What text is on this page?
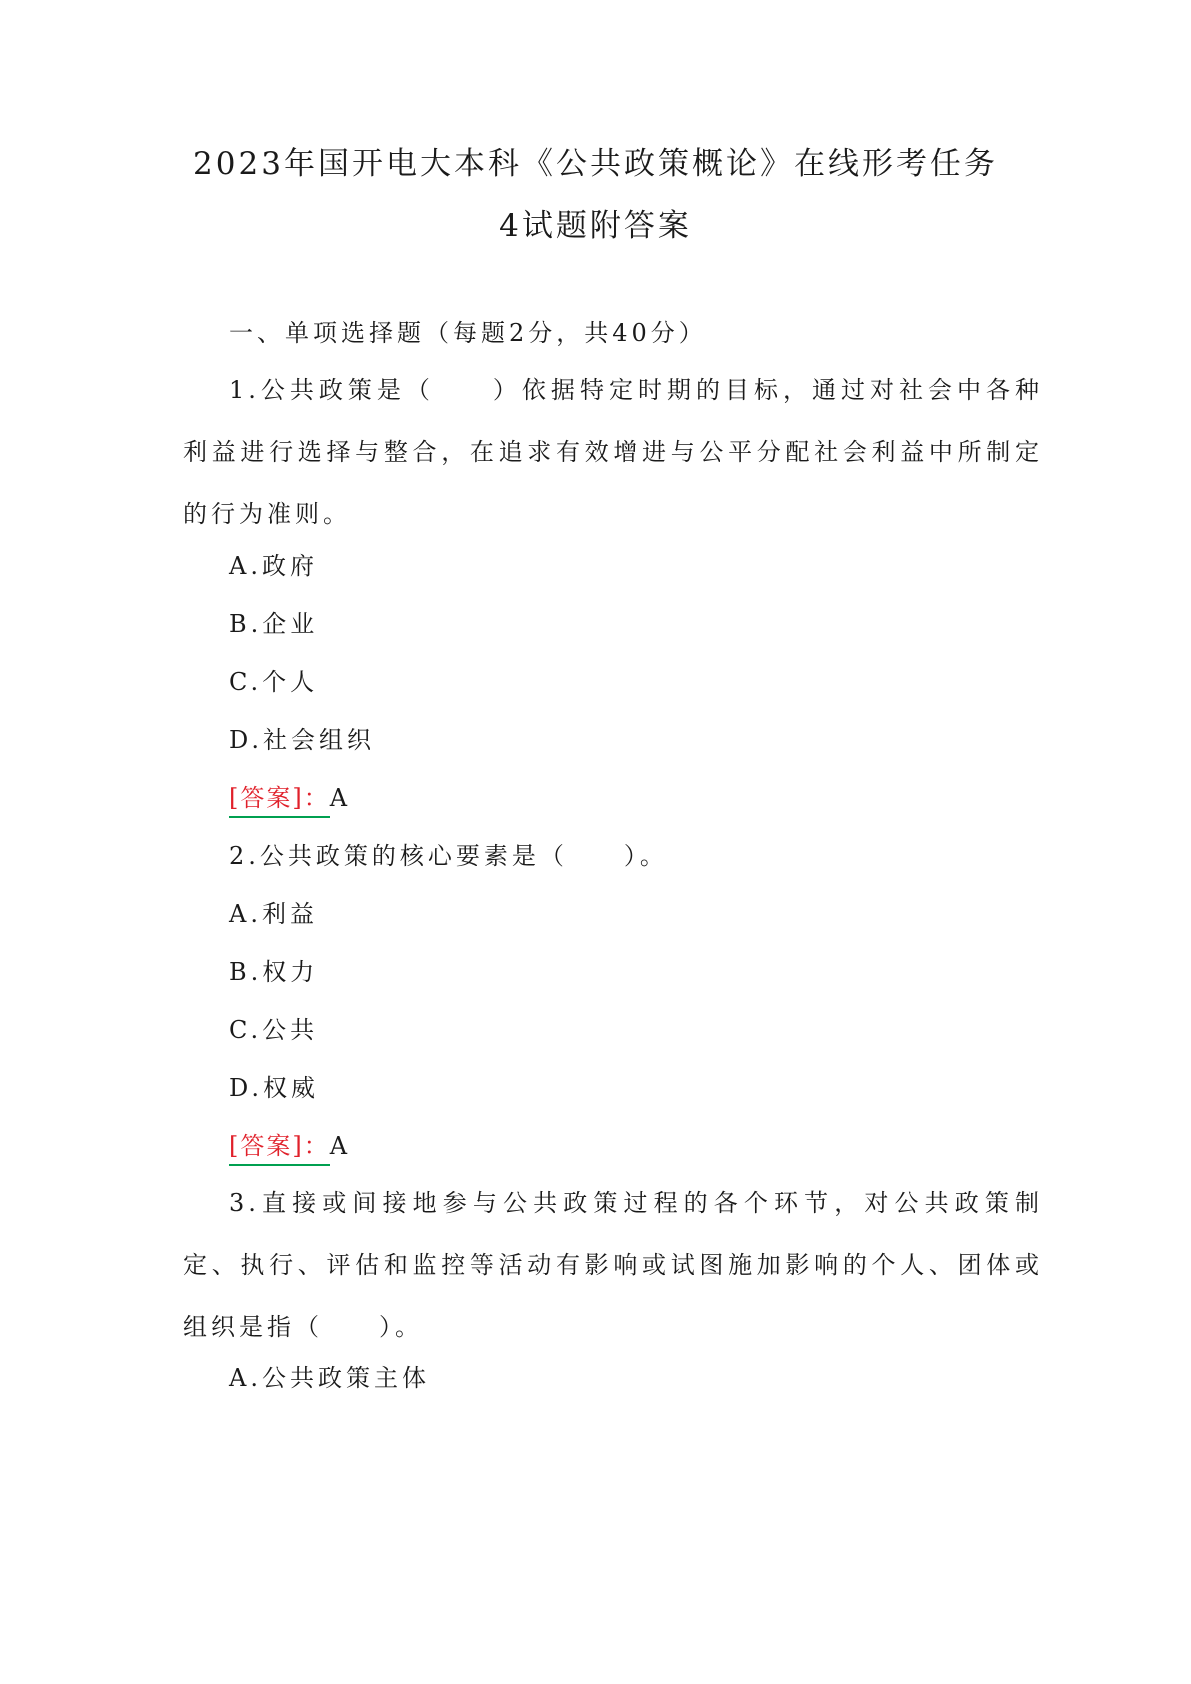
2023年国开电大本科《公共政策概论》在线形考任务
4试题附答案
一、单项选择题（每题2分，共40分）
1.公共政策是（　　）依据特定时期的目标，通过对社会中各种利益进行选择与整合，在追求有效增进与公平分配社会利益中所制定的行为准则。
A.政府
B.企业
C.个人
D.社会组织
[答案]：A
2.公共政策的核心要素是（　　）。
A.利益
B.权力
C.公共
D.权威
[答案]：A
3.直接或间接地参与公共政策过程的各个环节，对公共政策制定、执行、评估和监控等活动有影响或试图施加影响的个人、团体或组织是指（　　）。
A.公共政策主体
